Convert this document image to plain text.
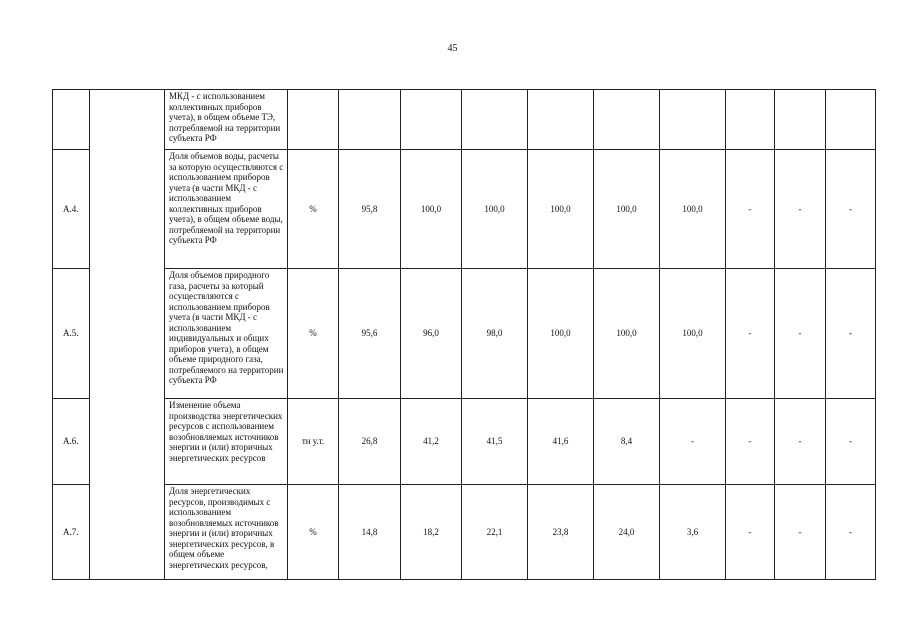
45
		МКД - с использованием коллективных приборов учета), в общем объеме ТЭ, потребляемой на территории субъекта РФ										
А.4.		Доля объемов воды, расчеты за которую осуществляются с использованием приборов учета (в части МКД - с использованием коллективных приборов учета), в общем объеме воды, потребляемой на территории субъекта РФ	%	95,8	100,0	100,0	100,0	100,0	100,0	-	-	-
А.5.		Доля объемов природного газа, расчеты за который осуществляются с использованием приборов учета (в части МКД - с использованием индивидуальных и общих приборов учета), в общем объеме природного газа, потребляемого на территории субъекта РФ	%	95,6	96,0	98,0	100,0	100,0	100,0	-	-	-
А.6.		Изменение объема производства энергетических ресурсов с использованием возобновляемых источников энергии и (или) вторичных энергетических ресурсов	тн у.т.	26,8	41,2	41,5	41,6	8,4	-	-	-	-
А.7.		Доля энергетических ресурсов, производимых с использованием возобновляемых источников энергии и (или) вторичных энергетических ресурсов, в общем объеме энергетических ресурсов,	%	14,8	18,2	22,1	23,8	24,0	3,6	-	-	-
